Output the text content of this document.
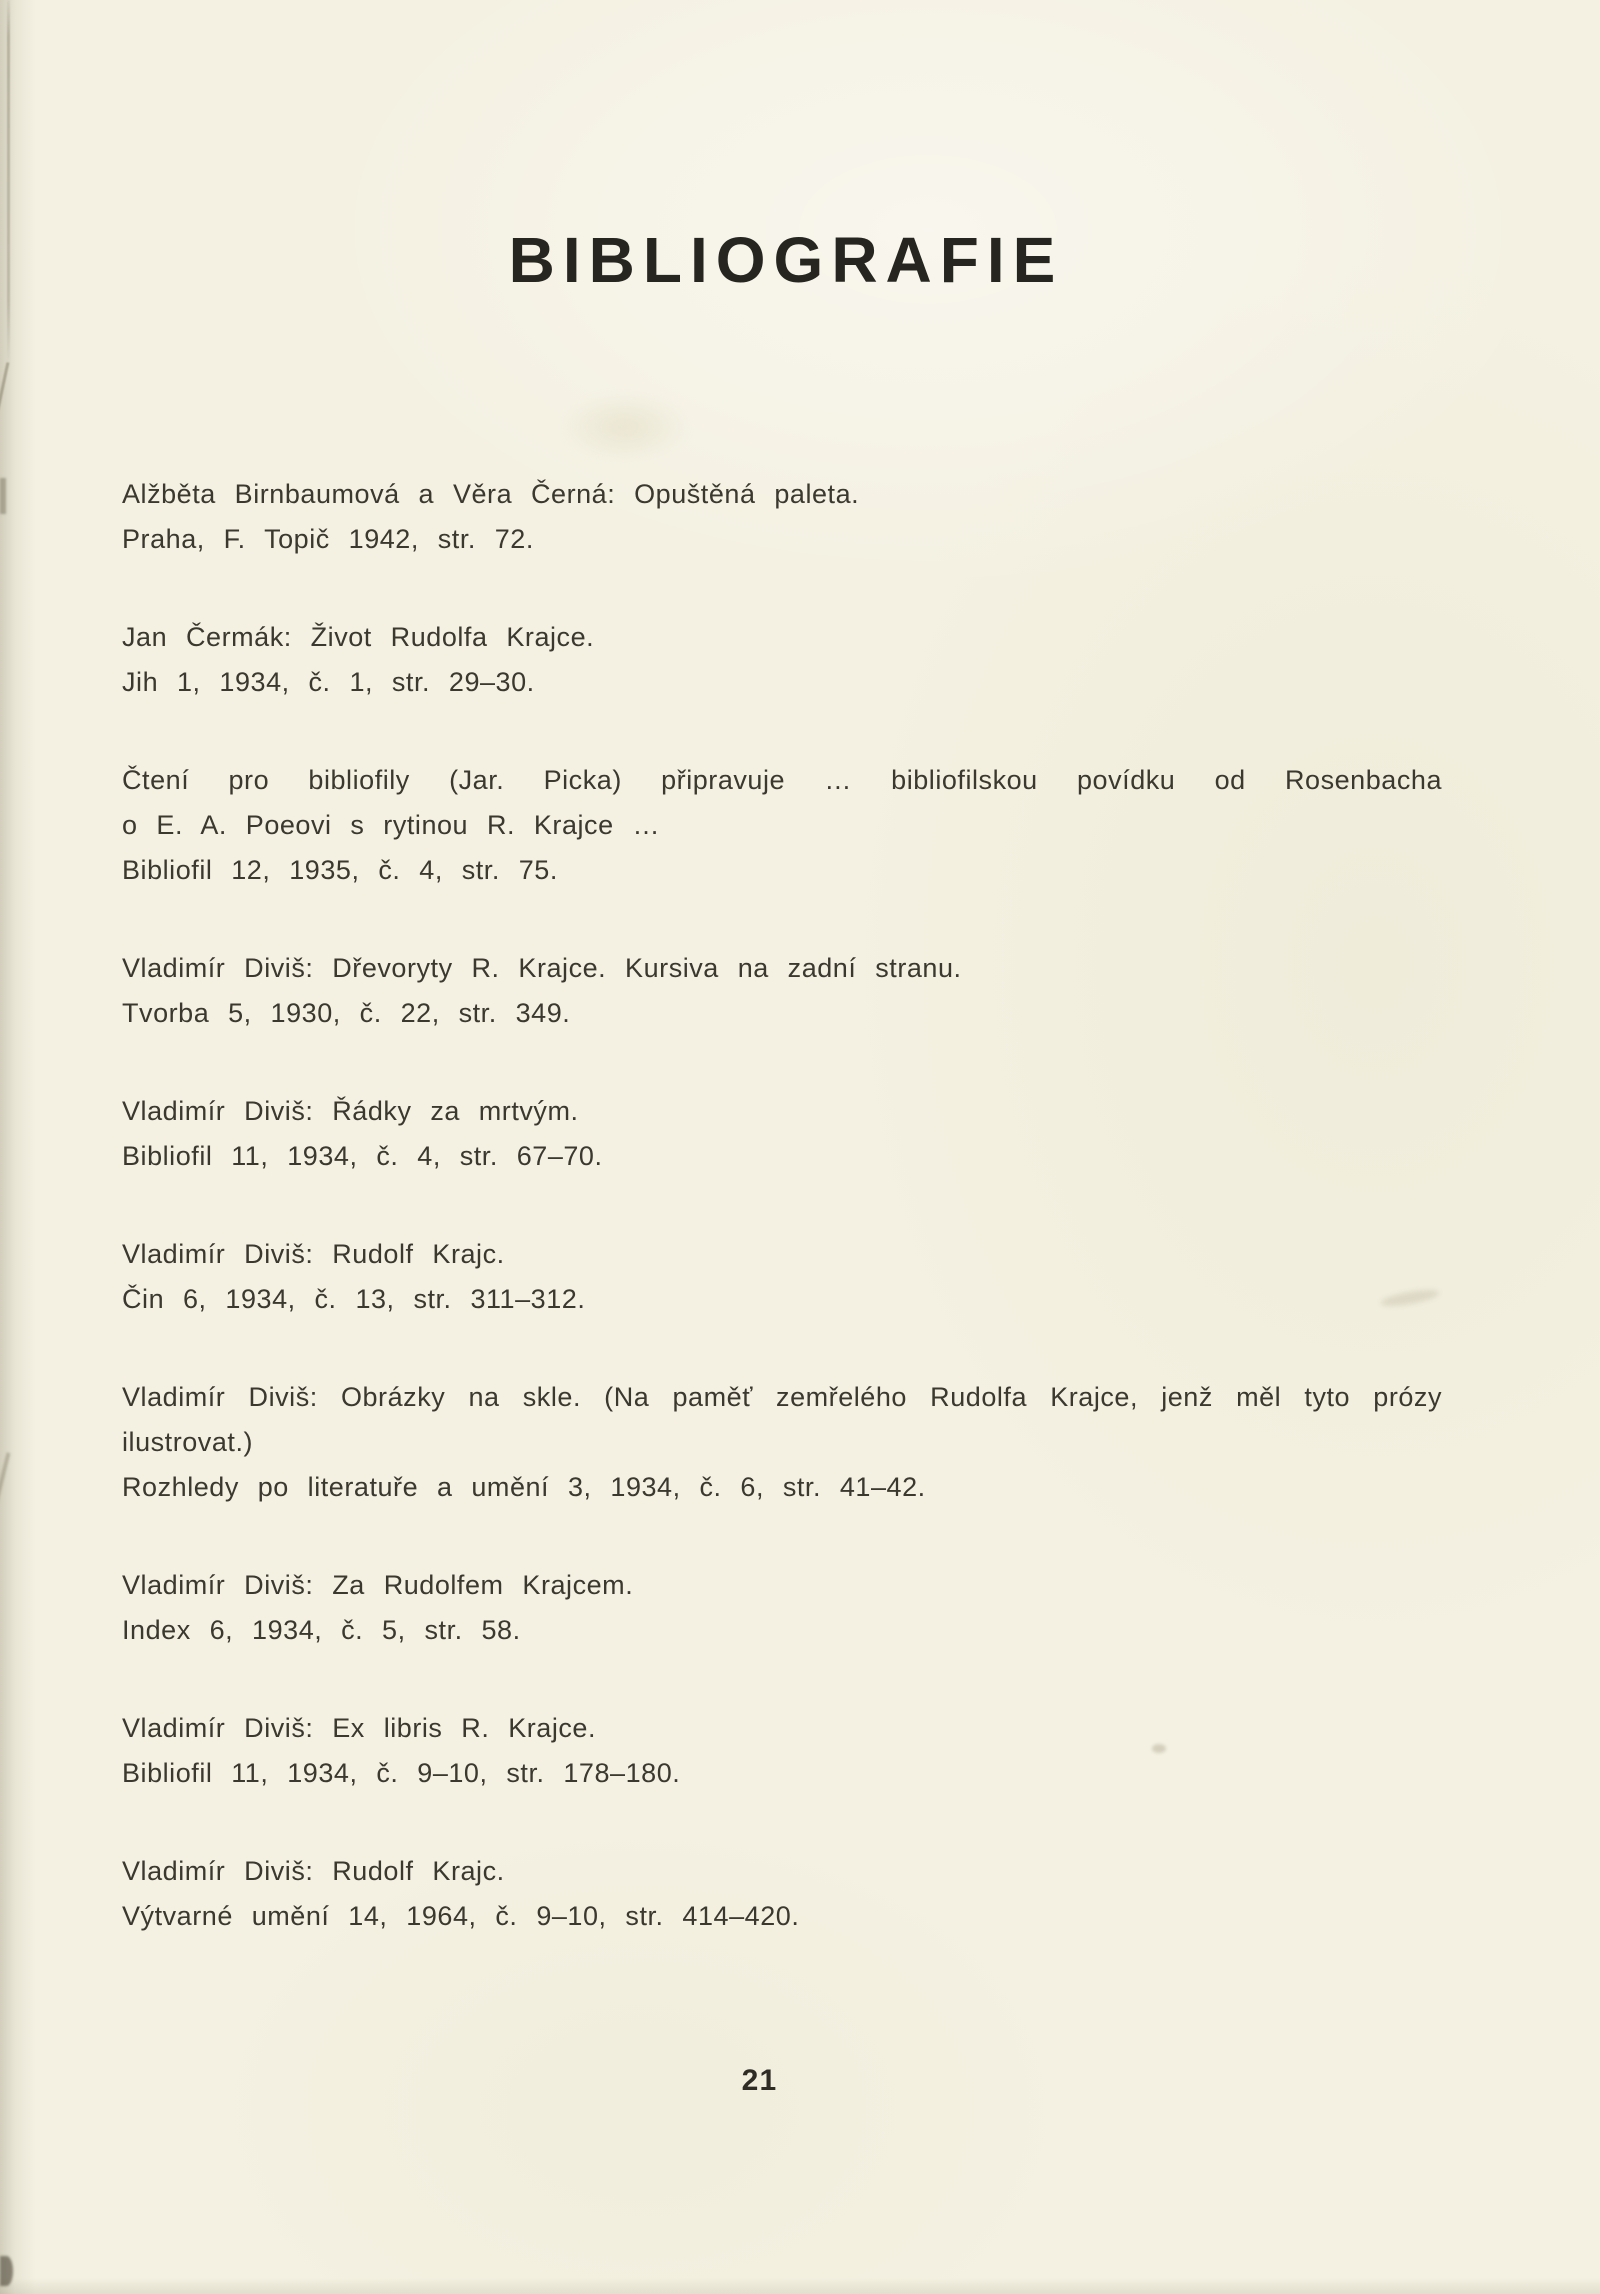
BIBLIOGRAFIE
Alžběta Birnbaumová a Věra Černá: Opuštěná paleta.
Praha, F. Topič 1942, str. 72.
Jan Čermák: Život Rudolfa Krajce.
Jih 1, 1934, č. 1, str. 29–30.
Čtení pro bibliofily (Jar. Picka) připravuje … bibliofilskou povídku od Rosenbacha
o E. A. Poeovi s rytinou R. Krajce …
Bibliofil 12, 1935, č. 4, str. 75.
Vladimír Diviš: Dřevoryty R. Krajce. Kursiva na zadní stranu.
Tvorba 5, 1930, č. 22, str. 349.
Vladimír Diviš: Řádky za mrtvým.
Bibliofil 11, 1934, č. 4, str. 67–70.
Vladimír Diviš: Rudolf Krajc.
Čin 6, 1934, č. 13, str. 311–312.
Vladimír Diviš: Obrázky na skle. (Na paměť zemřelého Rudolfa Krajce, jenž měl tyto prózy
ilustrovat.)
Rozhledy po literatuře a umění 3, 1934, č. 6, str. 41–42.
Vladimír Diviš: Za Rudolfem Krajcem.
Index 6, 1934, č. 5, str. 58.
Vladimír Diviš: Ex libris R. Krajce.
Bibliofil 11, 1934, č. 9–10, str. 178–180.
Vladimír Diviš: Rudolf Krajc.
Výtvarné umění 14, 1964, č. 9–10, str. 414–420.
21
